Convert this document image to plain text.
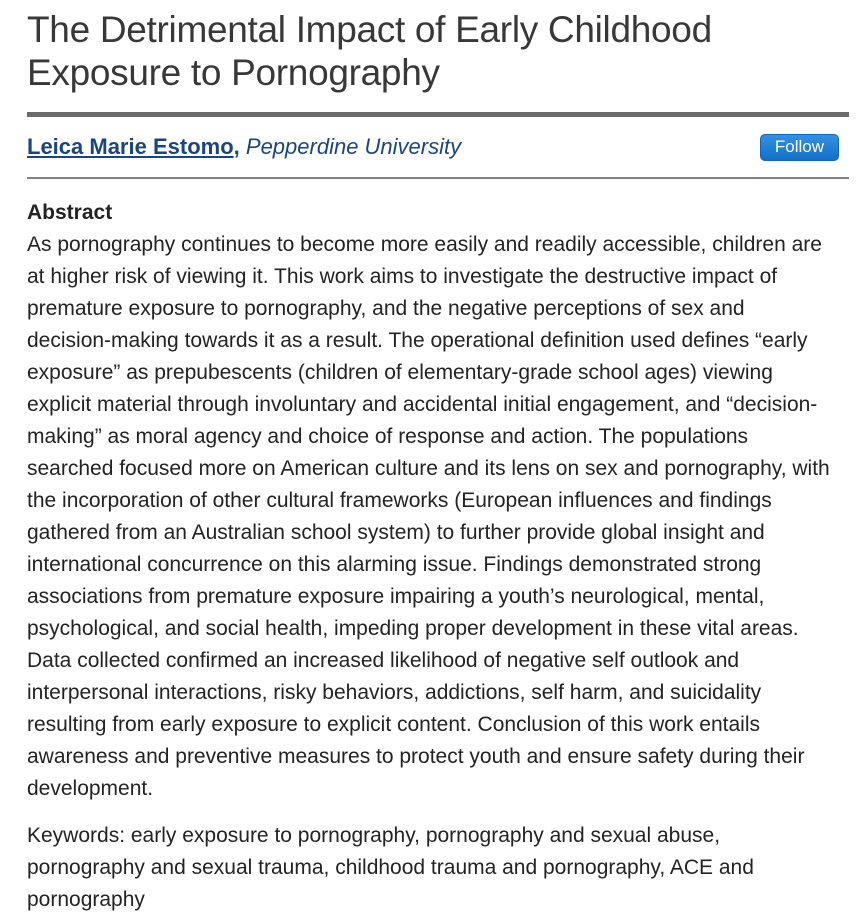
The Detrimental Impact of Early Childhood Exposure to Pornography
Leica Marie Estomo, Pepperdine University	Follow
Abstract

As pornography continues to become more easily and readily accessible, children are at higher risk of viewing it. This work aims to investigate the destructive impact of premature exposure to pornography, and the negative perceptions of sex and decision-making towards it as a result. The operational definition used defines “early exposure” as prepubescents (children of elementary-grade school ages) viewing explicit material through involuntary and accidental initial engagement, and “decision-making” as moral agency and choice of response and action. The populations searched focused more on American culture and its lens on sex and pornography, with the incorporation of other cultural frameworks (European influences and findings gathered from an Australian school system) to further provide global insight and international concurrence on this alarming issue. Findings demonstrated strong associations from premature exposure impairing a youth’s neurological, mental, psychological, and social health, impeding proper development in these vital areas. Data collected confirmed an increased likelihood of negative self outlook and interpersonal interactions, risky behaviors, addictions, self harm, and suicidality resulting from early exposure to explicit content. Conclusion of this work entails awareness and preventive measures to protect youth and ensure safety during their development.

Keywords: early exposure to pornography, pornography and sexual abuse, pornography and sexual trauma, childhood trauma and pornography, ACE and pornography
